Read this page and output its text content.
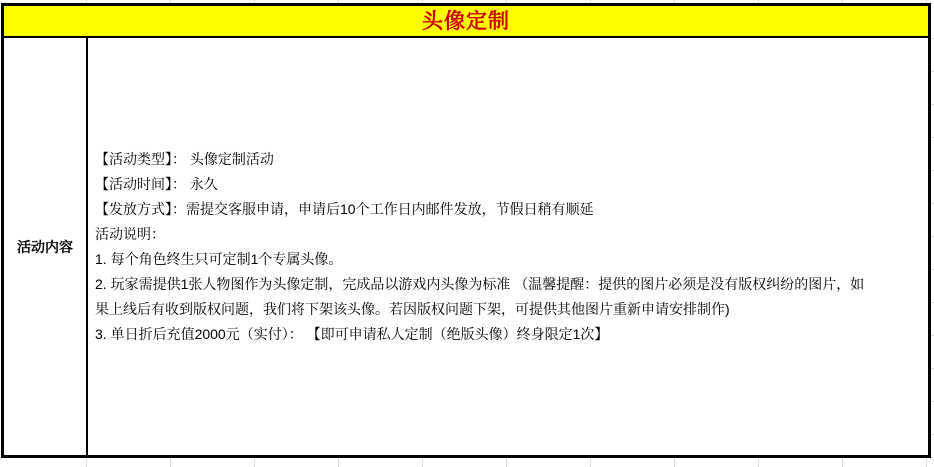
头像定制
活动内容
【活动类型】： 头像定制活动
【活动时间】： 永久
【发放方式】：需提交客服申请，申请后10个工作日内邮件发放，节假日稍有顺延
活动说明：
1. 每个角色终生只可定制1个专属头像。
2. 玩家需提供1张人物图作为头像定制，完成品以游戏内头像为标准 （温馨提醒：提供的图片必须是没有版权纠纷的图片，如
果上线后有收到版权问题，我们将下架该头像。若因版权问题下架，可提供其他图片重新申请安排制作)
3. 单日折后充值2000元（实付）： 【即可申请私人定制（绝版头像）终身限定1次】
